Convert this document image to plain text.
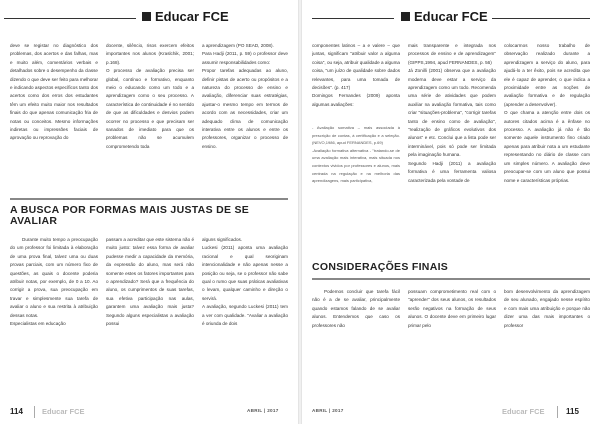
Educar FCE
deve se registar no diagnóstico dos problemas, dos acertos e das falhas, mas e muito além, comentários verbais e detalhados sobre o desempenho da classe dizendo o que deve ser feito para melhorar e indicando aspectos específicos tanto dos acertos como dos erros dos estudantes têm um efeito muito maior nos resultados finais do que apenas comunicação fria de notas ou conceitos. Mesmo informações indiretas ou impressões faciais de aprovação ou reprovação do
docente, silêncio, risos exercem efeitos importantes nos alunos (Kraslchik, 2001; p.168).
O processo de avaliação precisa ser global, contínuo e formativo, enquanto meio o educando como um todo e a aprendizagem como o seu processo. A característica de continuidade é no sentido de que as dificuldades e desvios podem ocorrer no processo e que precisam ser sanados de imediato para que os problemas não se acumulem comprometendo toda
a aprendizagem (PO SEAD, 2008).
Para Hadji (2011, p. 59) o professor deve assumir responsabilidades como:
Propor tarefas adequadas ao aluno, definir pistas de acerto ou propósitos e a natureza do processo de ensino e avaliação, diferenciar suas estratégias, ajustar-o mesmo tempo em termos de acordo com as necessidades, criar um adequado clima de comunicação interativa entre os alunos e entre os professores, organizar o processo de ensino.
A BUSCA POR FORMAS MAIS JUSTAS DE SE AVALIAR
Durante muito tempo a preocupação do um professor foi limitada à elaboração de uma prova final, talvez uma ou duas provas parciais, com um número fixo de questões, as quais o docente poderia atribuir notas, por exemplo, de 0 a 10. Ao corrigir a prova, sua preocupação em travar e simplesmente sua tarefa de avaliar o aluno e sua restrita à atribuição dessas notas.
Especialistas em educação
passam a acreditar que este sistema não é muito justo: talvez essa forma de avaliar pudesse medir a capacidade da memória, da expressão do aluno, mas será não somente estes os fatores importantes para o aprendizado? Será que a frequência do aluno, os cumprimentos de suas tarefas, sua efetiva participação nas aulas, garantem uma avaliação mais justa? Segundo alguns especialistas a avaliação possui
alguns significados.
Luckesi (2011) aponta uma avaliação racional e qual seoriginam intencionalidade e não apenas nesse a posição ou seja, se o professor não sabe qual o rumo que suas práticas avaliativas o levam, qualquer caminho e direção o servirá.
A avaliação, segundo Luckesi (2011) tem a ver com qualidade. "Avaliar a avaliação é oriunda de dois
114	Educar FCE	ABRIL | 2017
Educar FCE
componentes latinos – a e valere – que juntas, significam "atribuir valor a alguma coisa", ou seja, atribuir qualidade a alguma coisa, "um juízo de qualidade sobre dados relevantes, para uma tomada de decisões". (p. 417)
Domingos Fernandes (2009) aponta algumas avaliações:
- Avaliação somativa – mais associada à prescrição de contas, à certificação e a seleção. (NEVO,1986, apud FERNANDES, p.69)
-Avaliação formativa alternativa - "tratando-se de uma avaliação mais interativa, mais situada nos contextos vividos por professores e alunos, mais centrada na regulação e na melhoria das aprendizagens, mais participativa,
mais transparente e integrada nos processos de ensino e de aprendizagem" (GIPPS,1994, apud FERNANDES, p. 56)
Já Zonilli (2001) observa que a avaliação moderna deve estar a serviço da aprendizagem como um todo. Recomenda uma série de atividades que podem auxiliar na avaliação formativa, tais como criar "situações-problema", "corrigir tarefas tanto de ensino como de avaliação", "realização de gráficos evolutivos dos alunos" e etc. Conclui que a lista pode ser interminável, pois só pode ser limitada pela imaginação humana.
Segundo Hadji (2011) a avaliação formativa é uma ferramenta valiosa caracterizada pela vontade de
colocarmos nosso trabalho de observação realizado durante a aprendizagem a serviço do aluno, para ajudá-lo a ter êxito, pois se acredita que ele é capaz de aprender, o que indica a proximidade entre as noções de avaliação formativa e de regulação (aprender a desenvolver).
O que chama a atenção entre dois os autores citados acima é a ênfase no processo. A avaliação já não é tão somente aquele instrumento fino criado apenas para atribuir nota a um estudante representando no diário de classe com um simples número. A avaliação deve preocupar-se com um aluno que possui nome e características próprias.
CONSIDERAÇÕES FINAIS
Podemos concluir que tarefa fácil não é a de se avaliar, principalmente quando estamos falando de se avaliar alunos. Entendemos que caso os professores não
possuam comprometimento real com o "aprender" dos seus alunos, os resultados serão negativos na formação de seus alunos. O docente deve em primeiro lugar primar pelo
bom desenvolvimento da aprendizagem de seu alunado, engajado nesse espírito e com mais uma atribuição e porque não dizer uma das mais importantes o professor
ABRIL | 2017	Educar FCE	115
